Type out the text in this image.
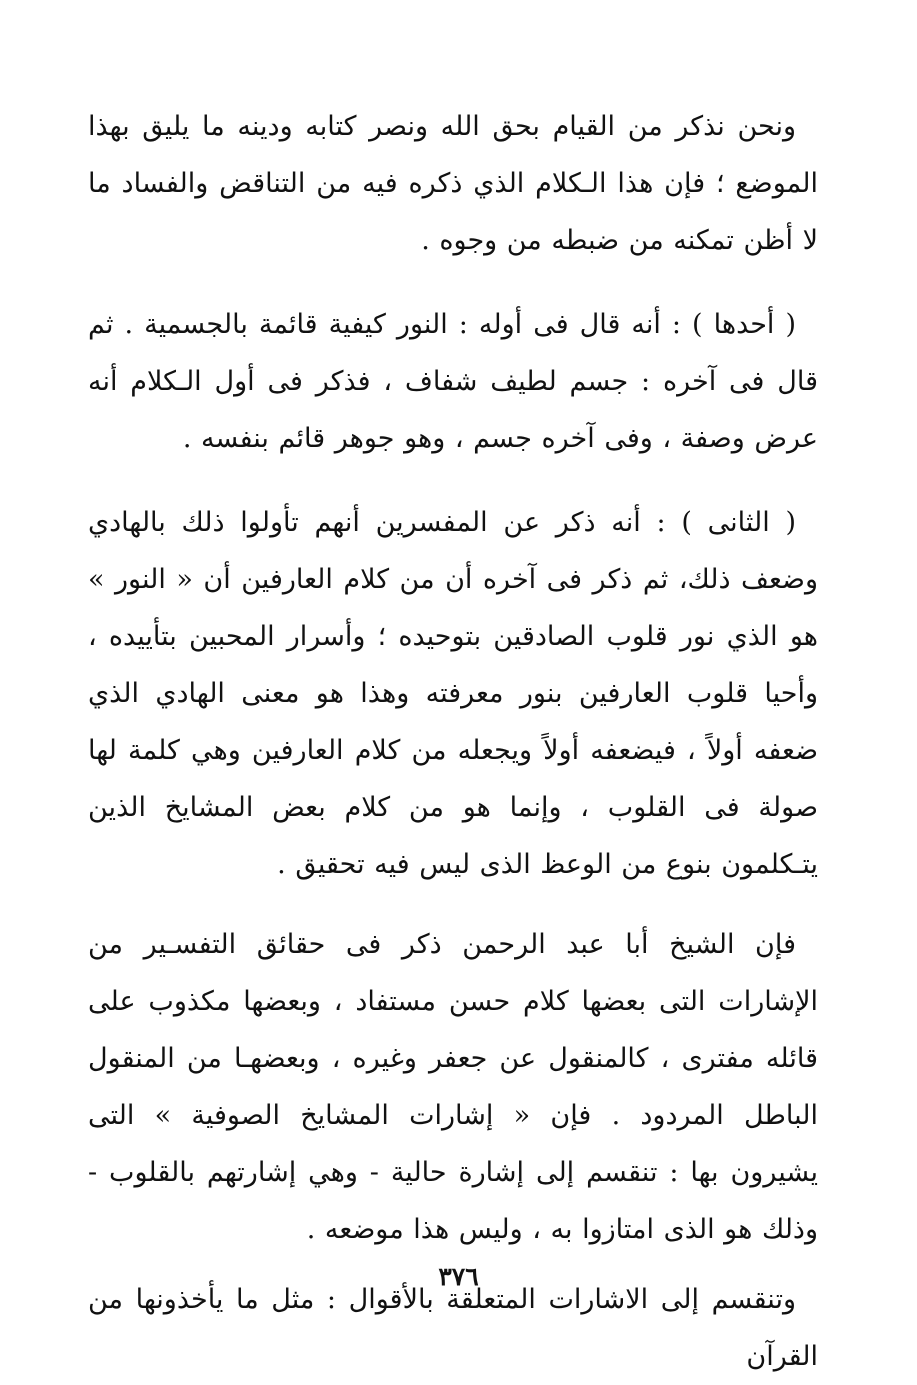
ونحن نذكر من القيام بحق الله ونصر كتابه ودينه ما يليق بهذا الموضع ؛ فإن هذا الـكلام الذي ذكره فيه من التناقض والفساد ما لا أظن تمكنه من ضبطه من وجوه .

( أحدها ) : أنه قال فى أوله : النور كيفية قائمة بالجسمية . ثم قال فى آخره : جسم لطيف شفاف ، فذكر فى أول الـكلام أنه عرض وصفة ، وفى آخره جسم ، وهو جوهر قائم بنفسه .

( الثانى ) : أنه ذكر عن المفسرين أنهم تأولوا ذلك بالهادي وضعف ذلك، ثم ذكر فى آخره أن من كلام العارفين أن « النور » هو الذي نور قلوب الصادقين بتوحيده ؛ وأسرار المحبين بتأييده ، وأحيا قلوب العارفين بنور معرفته وهذا هو معنى الهادي الذي ضعفه أولاً ، فيضعفه أولاً ويجعله من كلام العارفين وهي كلمة لها صولة فى القلوب ، وإنما هو من كلام بعض المشايخ الذين يتـكلمون بنوع من الوعظ الذى ليس فيه تحقيق .

فإن الشيخ أبا عبد الرحمن ذكر فى حقائق التفسـير من الإشارات التى بعضها كلام حسن مستفاد ، وبعضها مكذوب على قائله مفترى ، كالمنقول عن جعفر وغيره ، وبعضهـا من المنقول الباطل المردود . فإن « إشارات المشايخ الصوفية » التى يشيرون بها : تنقسم إلى إشارة حالية - وهي إشارتهم بالقلوب - وذلك هو الذى امتازوا به ، وليس هذا موضعه .

وتنقسم إلى الاشارات المتعلقة بالأقوال : مثل ما يأخذونها من القرآن

٣٧٦
